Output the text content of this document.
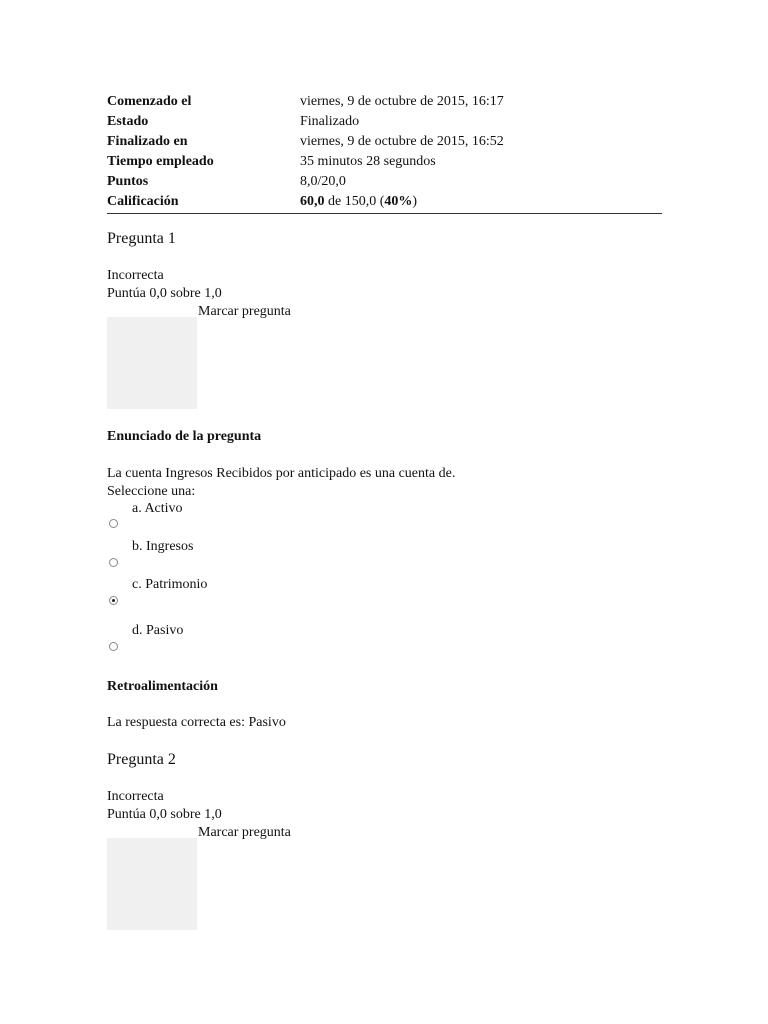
Comenzado el	viernes, 9 de octubre de 2015, 16:17
Estado	Finalizado
Finalizado en	viernes, 9 de octubre de 2015, 16:52
Tiempo empleado	35 minutos 28 segundos
Puntos	8,0/20,0
Calificación	60,0 de 150,0 (40%)
Pregunta 1
Incorrecta
Puntúa 0,0 sobre 1,0
Marcar pregunta
Enunciado de la pregunta
La cuenta Ingresos Recibidos por anticipado es una cuenta de.
Seleccione una:
a. Activo
b. Ingresos
c. Patrimonio
d. Pasivo
Retroalimentación
La respuesta correcta es: Pasivo
Pregunta 2
Incorrecta
Puntúa 0,0 sobre 1,0
Marcar pregunta
